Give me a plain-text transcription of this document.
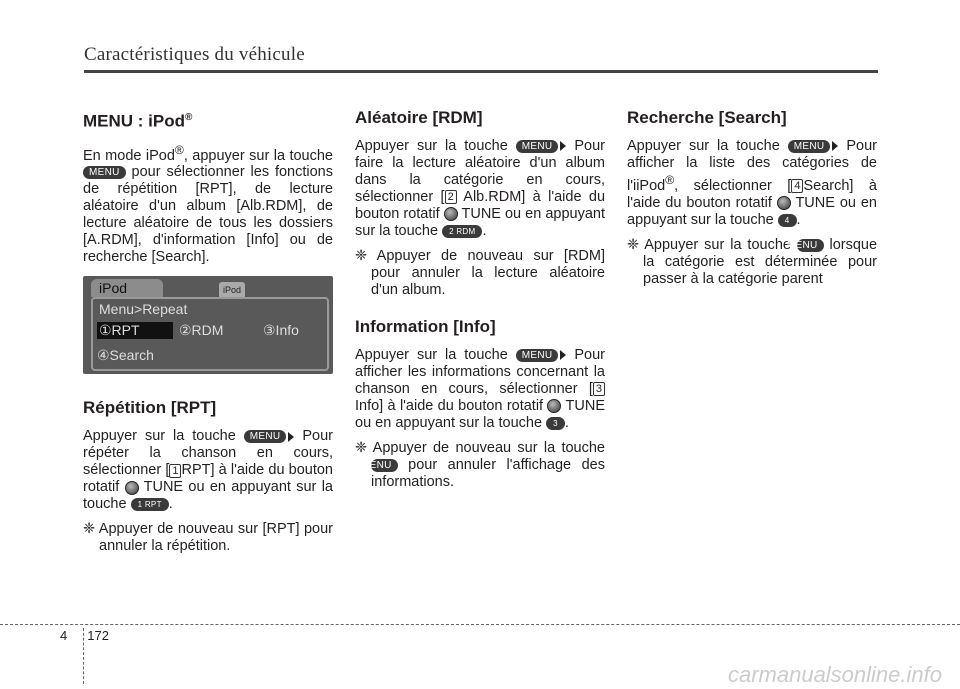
Caractéristiques du véhicule
MENU : iPod®

En mode iPod®, appuyer sur la touche MENU pour sélectionner les fonctions de répétition [RPT], de lecture aléatoire d'un album [Alb.RDM], de lecture aléatoire de tous les dossiers [A.RDM], d'information [Info] ou de recherche [Search].

iPod	iPod
Menu>Repeat
①RPT	②RDM	③Info
④Search
Répétition [RPT]

Appuyer sur la touche MENU Pour répéter la chanson en cours, sélectionner [ 1 RPT] à l'aide du bouton rotatif TUNE ou en appuyant sur la touche 1 RPT .

❈ Appuyer de nouveau sur [RPT] pour annuler la répétition.

Aléatoire [RDM]

Appuyer sur la touche MENU Pour faire la lecture aléatoire d'un album dans la catégorie en cours, sélectionner [ 2 Alb.RDM] à l'aide du bouton rotatif TUNE ou en appuyant sur la touche 2 RDM .

❈ Appuyer de nouveau sur [RDM] pour annuler la lecture aléatoire d'un album.

Information [Info]

Appuyer sur la touche MENU Pour afficher les informations concernant la chanson en cours, sélectionner [ 3 Info] à l'aide du bouton rotatif TUNE ou en appuyant sur la touche 3 .

❈ Appuyer de nouveau sur la touche MENU pour annuler l'affichage des informations.

Recherche [Search]

Appuyer sur la touche MENU Pour afficher la liste des catégories de l'iiPod®, sélectionner [ 4 Search] à l'aide du bouton rotatif TUNE ou en appuyant sur la touche 4 .

❈ Appuyer sur la touche MENU lorsque la catégorie est déterminée pour passer à la catégorie parent

4 172
carmanualsonline.info
